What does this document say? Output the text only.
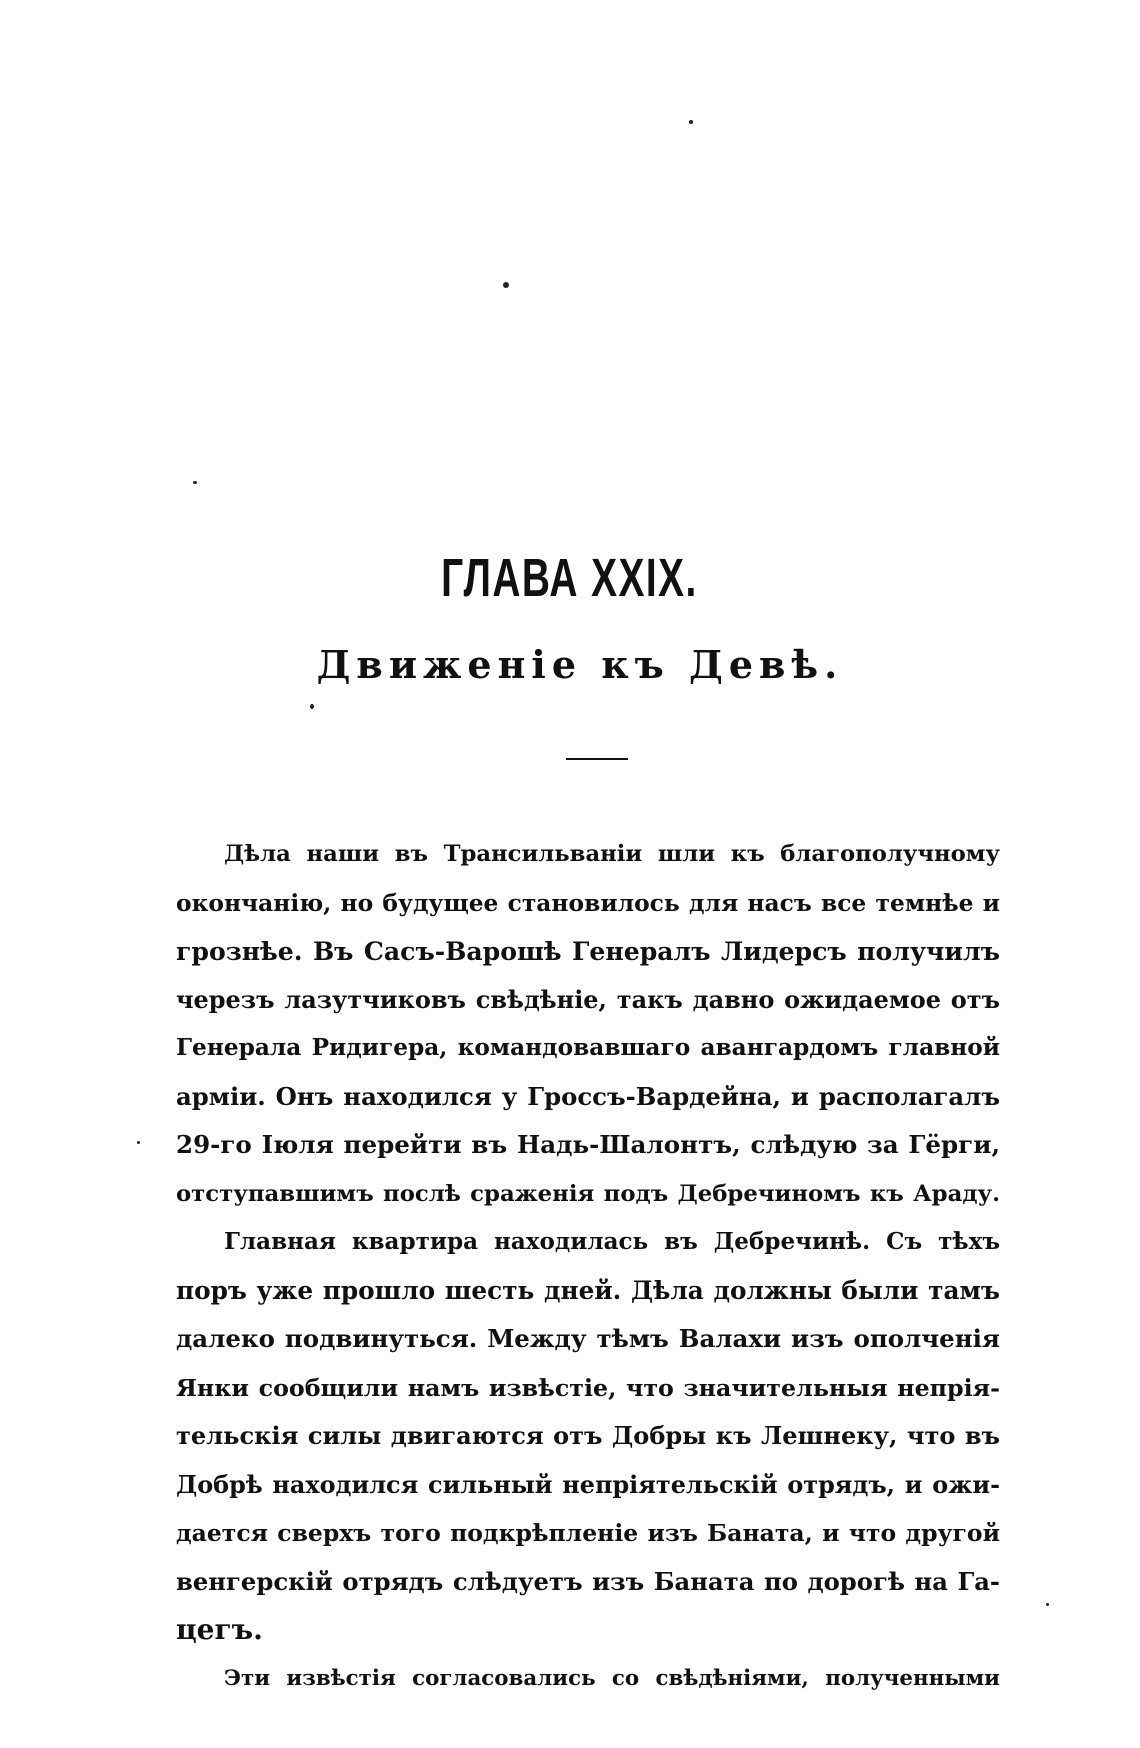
ГЛАВА XXIX.
Движеніе къ Девѣ.
Дѣла наши въ Трансильваніи шли къ благополучному
окончанію, но будущее становилось для насъ все темнѣе и
грознѣе. Въ Сасъ-Варошѣ Генералъ Лидерсъ получилъ
черезъ лазутчиковъ свѣдѣніе, такъ давно ожидаемое отъ
Генерала Ридигера, командовавшаго авангардомъ главной
арміи. Онъ находился у Гроссъ-Вардейна, и располагалъ
29-го Іюля перейти въ Надь-Шалонтъ, слѣдую за Гёрги,
отступавшимъ послѣ сраженія подъ Дебречиномъ къ Араду.
Главная квартира находилась въ Дебречинѣ. Съ тѣхъ
поръ уже прошло шесть дней. Дѣла должны были тамъ
далеко подвинуться. Между тѣмъ Валахи изъ ополченія
Янки сообщили намъ извѣстіе, что значительныя непрія-
тельскія силы двигаются отъ Добры къ Лешнеку, что въ
Добрѣ находился сильный непріятельскій отрядъ, и ожи-
дается сверхъ того подкрѣпленіе изъ Баната, и что другой
венгерскій отрядъ слѣдуетъ изъ Баната по дорогѣ на Га-
цегъ.
Эти извѣстія согласовались со свѣдѣніями, полученными
